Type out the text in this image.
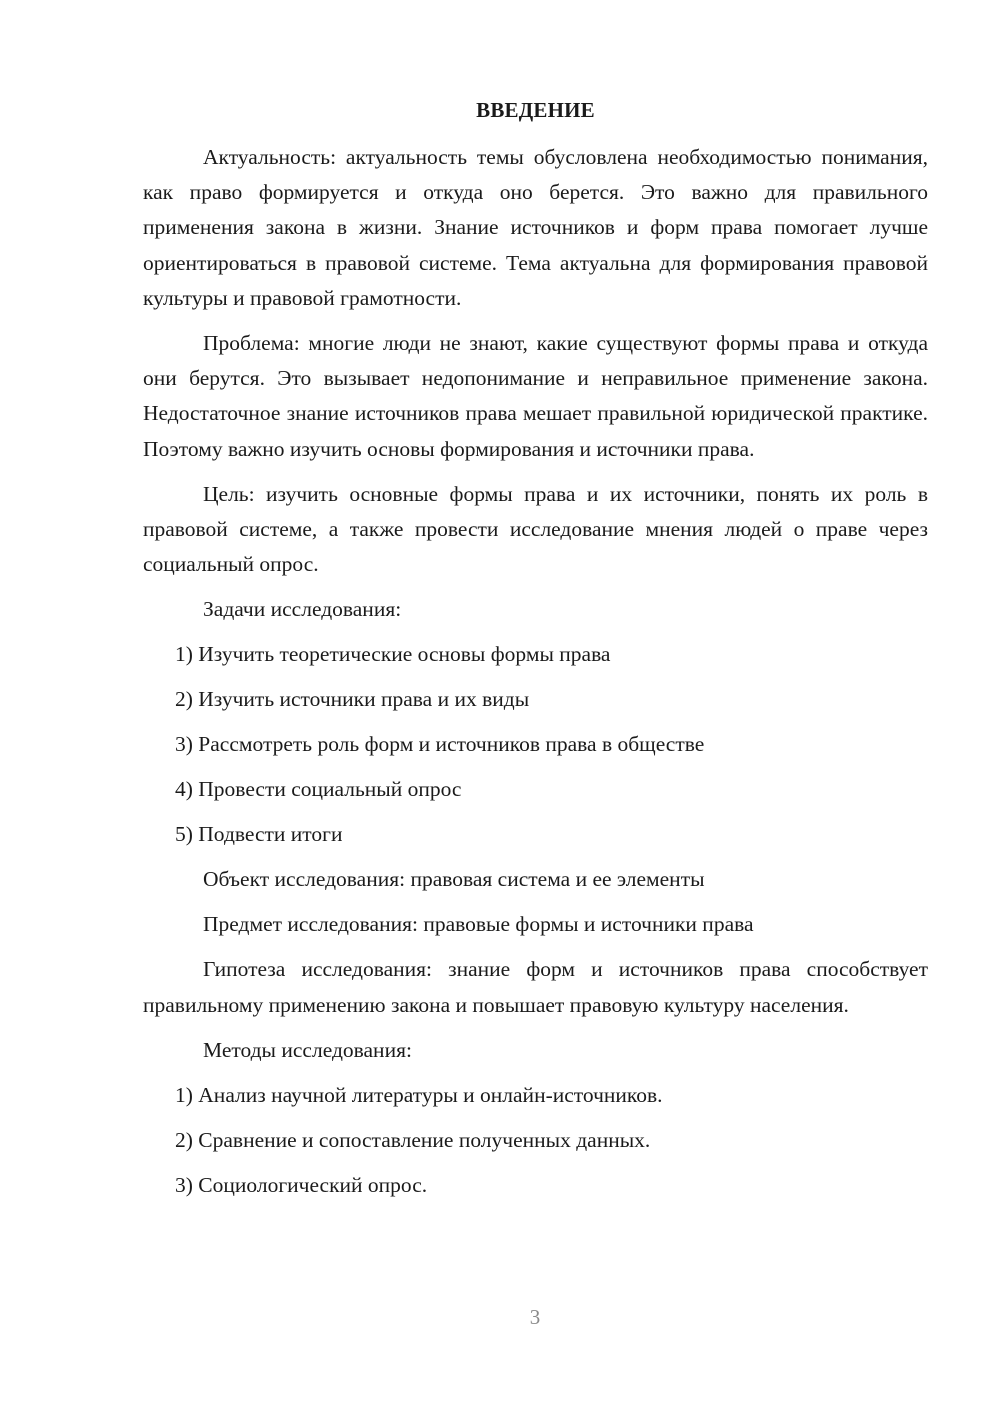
ВВЕДЕНИЕ

Актуальность: актуальность темы обусловлена необходимостью понимания, как право формируется и откуда оно берется. Это важно для правильного применения закона в жизни. Знание источников и форм права помогает лучше ориентироваться в правовой системе. Тема актуальна для формирования правовой культуры и правовой грамотности.

Проблема: многие люди не знают, какие существуют формы права и откуда они берутся. Это вызывает недопонимание и неправильное применение закона. Недостаточное знание источников права мешает правильной юридической практике. Поэтому важно изучить основы формирования и источники права.

Цель: изучить основные формы права и их источники, понять их роль в правовой системе, а также провести исследование мнения людей о праве через социальный опрос.

Задачи исследования:
1) Изучить теоретические основы формы права
2) Изучить источники права и их виды
3) Рассмотреть роль форм и источников права в обществе
4) Провести социальный опрос
5) Подвести итоги
Объект исследования: правовая система и ее элементы
Предмет исследования: правовые формы и источники права

Гипотеза исследования: знание форм и источников права способствует правильному применению закона и повышает правовую культуру населения.

Методы исследования:
1) Анализ научной литературы и онлайн-источников.
2) Сравнение и сопоставление полученных данных.
3) Социологический опрос.
3
